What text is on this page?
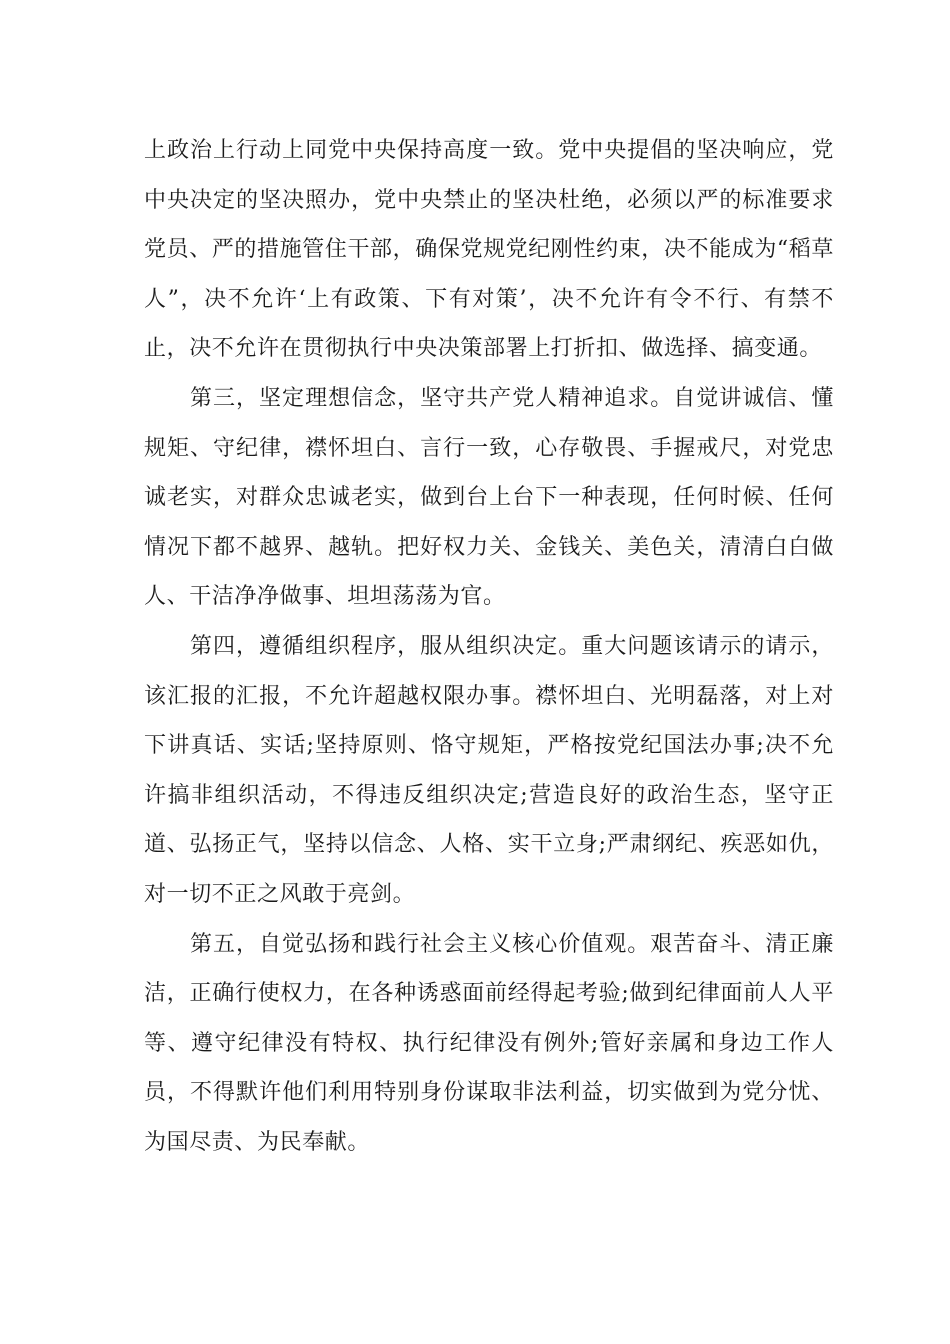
上政治上行动上同党中央保持高度一致。党中央提倡的坚决响应，党中央决定的坚决照办，党中央禁止的坚决杜绝，必须以严的标准要求党员、严的措施管住干部，确保党规党纪刚性约束，决不能成为“稻草人”，决不允许‘上有政策、下有对策’，决不允许有令不行、有禁不止，决不允许在贯彻执行中央决策部署上打折扣、做选择、搞变通。

第三，坚定理想信念，坚守共产党人精神追求。自觉讲诚信、懂规矩、守纪律，襟怀坦白、言行一致，心存敬畏、手握戒尺，对党忠诚老实，对群众忠诚老实，做到台上台下一种表现，任何时候、任何情况下都不越界、越轨。把好权力关、金钱关、美色关，清清白白做人、干洁净净做事、坦坦荡荡为官。

第四，遵循组织程序，服从组织决定。重大问题该请示的请示，该汇报的汇报，不允许超越权限办事。襟怀坦白、光明磊落，对上对下讲真话、实话;坚持原则、恪守规矩，严格按党纪国法办事;决不允许搞非组织活动，不得违反组织决定;营造良好的政治生态，坚守正道、弘扬正气，坚持以信念、人格、实干立身;严肃纲纪、疾恶如仇，对一切不正之风敢于亮剑。

第五，自觉弘扬和践行社会主义核心价值观。艰苦奋斗、清正廉洁，正确行使权力，在各种诱惑面前经得起考验;做到纪律面前人人平等、遵守纪律没有特权、执行纪律没有例外;管好亲属和身边工作人员，不得默许他们利用特别身份谋取非法利益，切实做到为党分忧、为国尽责、为民奉献。
